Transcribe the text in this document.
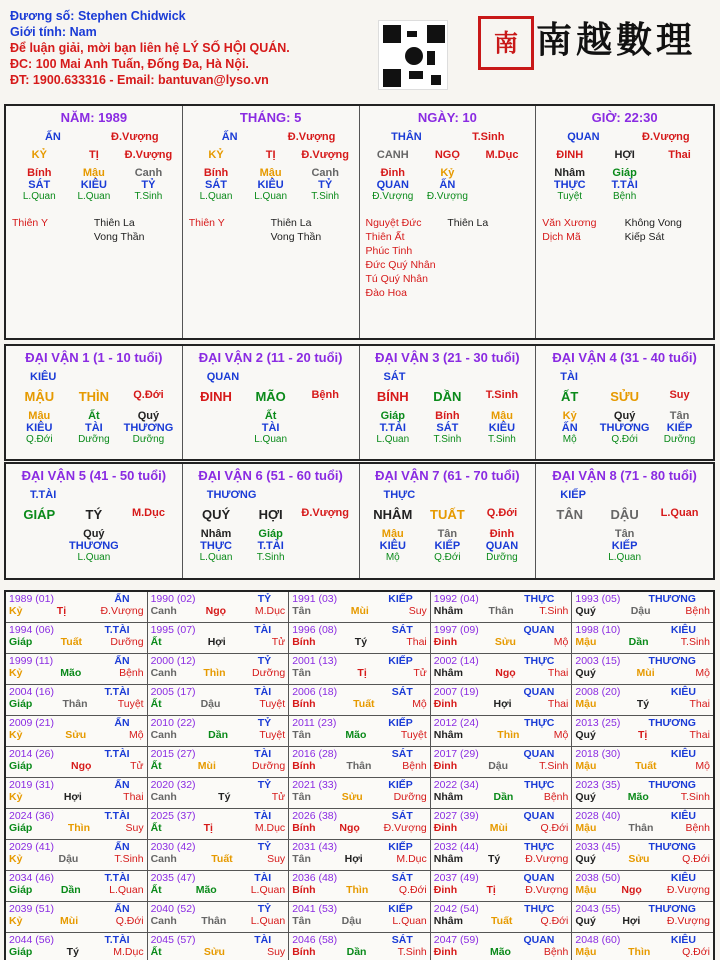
Đương số: Stephen Chidwick
Giới tính: Nam
Để luận giải, mời bạn liên hệ LÝ SỐ HỘI QUÁN.
ĐC: 100 Mai Anh Tuấn, Đống Đa, Hà Nội.
ĐT: 1900.633316 - Email: bantuvan@lyso.vn
南 南越數理
NĂM: 1989
ẤN	Đ.Vượng
KỶ	TỊ	Đ.Vượng
Bính	Mậu	Canh
SÁT	KIÊU	TỶ
L.Quan	L.Quan	T.Sinh
Thiên Y	Thiên La
Vong Thần
THÁNG: 5
ẤN	Đ.Vượng
KỶ	TỊ	Đ.Vượng
Bính	Mậu	Canh
SÁT	KIÊU	TỶ
L.Quan	L.Quan	T.Sinh
Thiên Y	Thiên La
Vong Thần
NGÀY: 10
THÂN	T.Sinh
CANH	NGỌ	M.Dục
Đinh	Kỷ
QUAN	ẤN
Đ.Vượng	Đ.Vượng
Nguyệt Đức
Thiên Ất
Phúc Tinh
Đức Quý Nhân
Tú Quý Nhân
Đào Hoa
Thiên La
GIỜ: 22:30
QUAN	Đ.Vượng
ĐINH	HỢI	Thai
Nhâm	Giáp
THỰC	T.TÀI
Tuyệt	Bệnh
Văn Xương
Dịch Mã
Không Vong
Kiếp Sát
ĐẠI VẬN 1 (1 - 10 tuổi)
KIÊU
MẬU	THÌN	Q.Đới
Mậu	Ất	Quý
KIÊU	TÀI	THƯƠNG
Q.Đới	Dưỡng	Dưỡng
ĐẠI VẬN 2 (11 - 20 tuổi)
QUAN
ĐINH	MÃO	Bệnh
Ất
TÀI
L.Quan
ĐẠI VẬN 3 (21 - 30 tuổi)
SÁT
BÍNH	DẦN	T.Sinh
Giáp	Bính	Mậu
T.TÀI	SÁT	KIÊU
L.Quan	T.Sinh	T.Sinh
ĐẠI VẬN 4 (31 - 40 tuổi)
TÀI
ẤT	SỬU	Suy
Kỷ	Quý	Tân
ẤN	THƯƠNG	KIẾP
Mộ	Q.Đới	Dưỡng
ĐẠI VẬN 5 (41 - 50 tuổi)
T.TÀI
GIÁP	TÝ	M.Dục
Quý
THƯƠNG
L.Quan
ĐẠI VẬN 6 (51 - 60 tuổi)
THƯƠNG
QUÝ	HỢI	Đ.Vượng
Nhâm	Giáp
THỰC	T.TÀI
L.Quan	T.Sinh
ĐẠI VẬN 7 (61 - 70 tuổi)
THỰC
NHÂM	TUẤT	Q.Đới
Mậu	Tân	Đinh
KIÊU	KIẾP	QUAN
Mộ	Q.Đới	Dưỡng
ĐẠI VẬN 8 (71 - 80 tuổi)
KIẾP
TÂN	DẬU	L.Quan
Tân
KIẾP
L.Quan
1989 (01)	ẤN
Kỷ	Tị	Đ.Vượng
1990 (02)	TỶ
Canh	Ngọ	M.Dục
1991 (03)	KIẾP
Tân	Mùi	Suy
1992 (04)	THỰC
Nhâm Thân T.Sinh
1993 (05)	THƯƠNG
Quý	Dậu	Bệnh
1994 (06)	T.TÀI
Giáp	Tuất	Dưỡng
1995 (07)	TÀI
Ất	Hợi	Tử
1996 (08)	SÁT
Bính	Tý	Thai
1997 (09)	QUAN
Đinh	Sửu	Mộ
1998 (10)	KIÊU
Mậu	Dần	T.Sinh
1999 (11)	ẤN
Kỷ	Mão	Bệnh
2000 (12)	TỶ
Canh	Thìn	Dưỡng
2001 (13)	KIẾP
Tân	Tị	Tử
2002 (14)	THỰC
Nhâm	Ngọ	Thai
2003 (15)	THƯƠNG
Quý	Mùi	Mộ
2004 (16)	T.TÀI
Giáp	Thân	Tuyệt
2005 (17)	TÀI
Ất	Dậu	Tuyệt
2006 (18)	SÁT
Bính	Tuất	Mộ
2007 (19)	QUAN
Đinh	Hợi	Thai
2008 (20)	KIÊU
Mậu	Tý	Thai
2009 (21)	ẤN
Kỷ	Sửu	Mộ
2010 (22)	TỶ
Canh	Dần	Tuyệt
2011 (23)	KIẾP
Tân	Mão	Tuyệt
2012 (24)	THỰC
Nhâm	Thìn	Mộ
2013 (25)	THƯƠNG
Quý	Tị	Thai
2014 (26)	T.TÀI
Giáp	Ngọ	Tử
2015 (27)	TÀI
Ất	Mùi	Dưỡng
2016 (28)	SÁT
Bính	Thân	Bệnh
2017 (29)	QUAN
Đinh	Dậu	T.Sinh
2018 (30)	KIÊU
Mậu	Tuất	Mộ
2019 (31)	ẤN
Kỷ	Hợi	Thai
2020 (32)	TỶ
Canh	Tý	Tử
2021 (33)	KIẾP
Tân	Sửu	Dưỡng
2022 (34)	THỰC
Nhâm	Dần	Bệnh
2023 (35)	THƯƠNG
Quý	Mão	T.Sinh
2024 (36)	T.TÀI
Giáp	Thìn	Suy
2025 (37)	TÀI
Ất	Tị	M.Dục
2026 (38)	SÁT
Bính Ngọ Đ.Vượng
2027 (39)	QUAN
Đinh	Mùi	Q.Đới
2028 (40)	KIÊU
Mậu	Thân	Bệnh
2029 (41)	ẤN
Kỷ	Dậu	T.Sinh
2030 (42)	TỶ
Canh	Tuất	Suy
2031 (43)	KIẾP
Tân	Hợi	M.Dục
2032 (44)	THỰC
Nhâm Tý Đ.Vượng
2033 (45)	THƯƠNG
Quý	Sửu	Q.Đới
2034 (46)	T.TÀI
Giáp	Dần	L.Quan
2035 (47)	TÀI
Ất	Mão	L.Quan
2036 (48)	SÁT
Bính	Thìn	Q.Đới
2037 (49)	QUAN
Đinh	Tị	Đ.Vượng
2038 (50)	KIÊU
Mậu Ngọ Đ.Vượng
2039 (51)	ẤN
Kỷ	Mùi	Q.Đới
2040 (52)	TỶ
Canh Thân L.Quan
2041 (53)	KIẾP
Tân	Dậu	L.Quan
2042 (54)	THỰC
Nhâm	Tuất	Q.Đới
2043 (55)	THƯƠNG
Quý	Hợi	Đ.Vượng
2044 (56)	T.TÀI
Giáp	Tý	M.Dục
2045 (57)	TÀI
Ất	Sửu	Suy
2046 (58)	SÁT
Bính	Dần	T.Sinh
2047 (59)	QUAN
Đinh	Mão	Bệnh
2048 (60)	KIÊU
Mậu	Thìn	Q.Đới
